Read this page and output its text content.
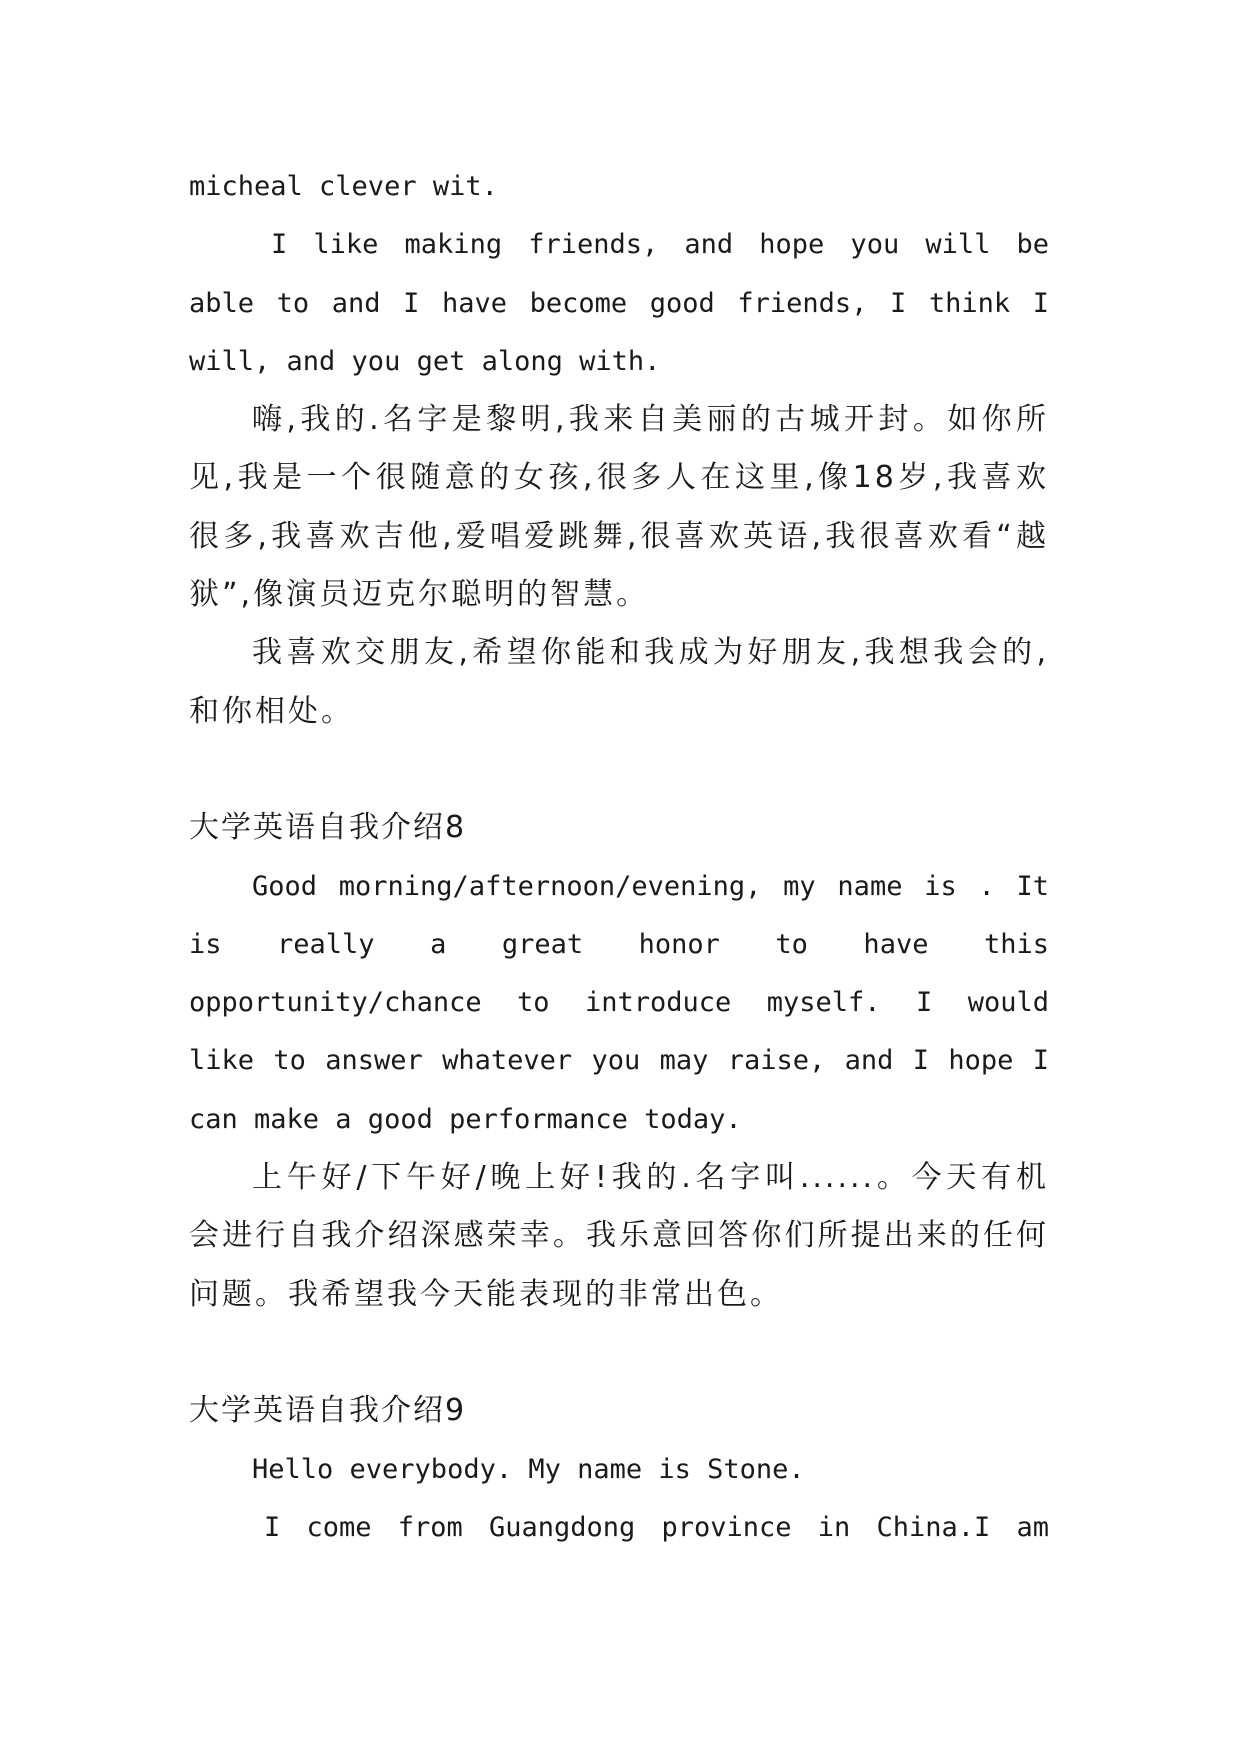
micheal clever wit.
I like making friends, and hope you will be
able to and I have become good friends, I think I
will, and you get along with.
嗨,我的.名字是黎明,我来自美丽的古城开封。如你所
见,我是一个很随意的女孩,很多人在这里,像18岁,我喜欢
很多,我喜欢吉他,爱唱爱跳舞,很喜欢英语,我很喜欢看“越
狱”,像演员迈克尔聪明的智慧。
我喜欢交朋友,希望你能和我成为好朋友,我想我会的,
和你相处。
大学英语自我介绍8
Good morning/afternoon/evening, my name is . It
is really a great honor to have this
opportunity/chance to introduce myself. I would
like to answer whatever you may raise, and I hope I
can make a good performance today.
上午好/下午好/晚上好!我的.名字叫......。今天有机
会进行自我介绍深感荣幸。我乐意回答你们所提出来的任何
问题。我希望我今天能表现的非常出色。
大学英语自我介绍9
Hello everybody. My name is Stone.
I come from Guangdong province in China.I am
